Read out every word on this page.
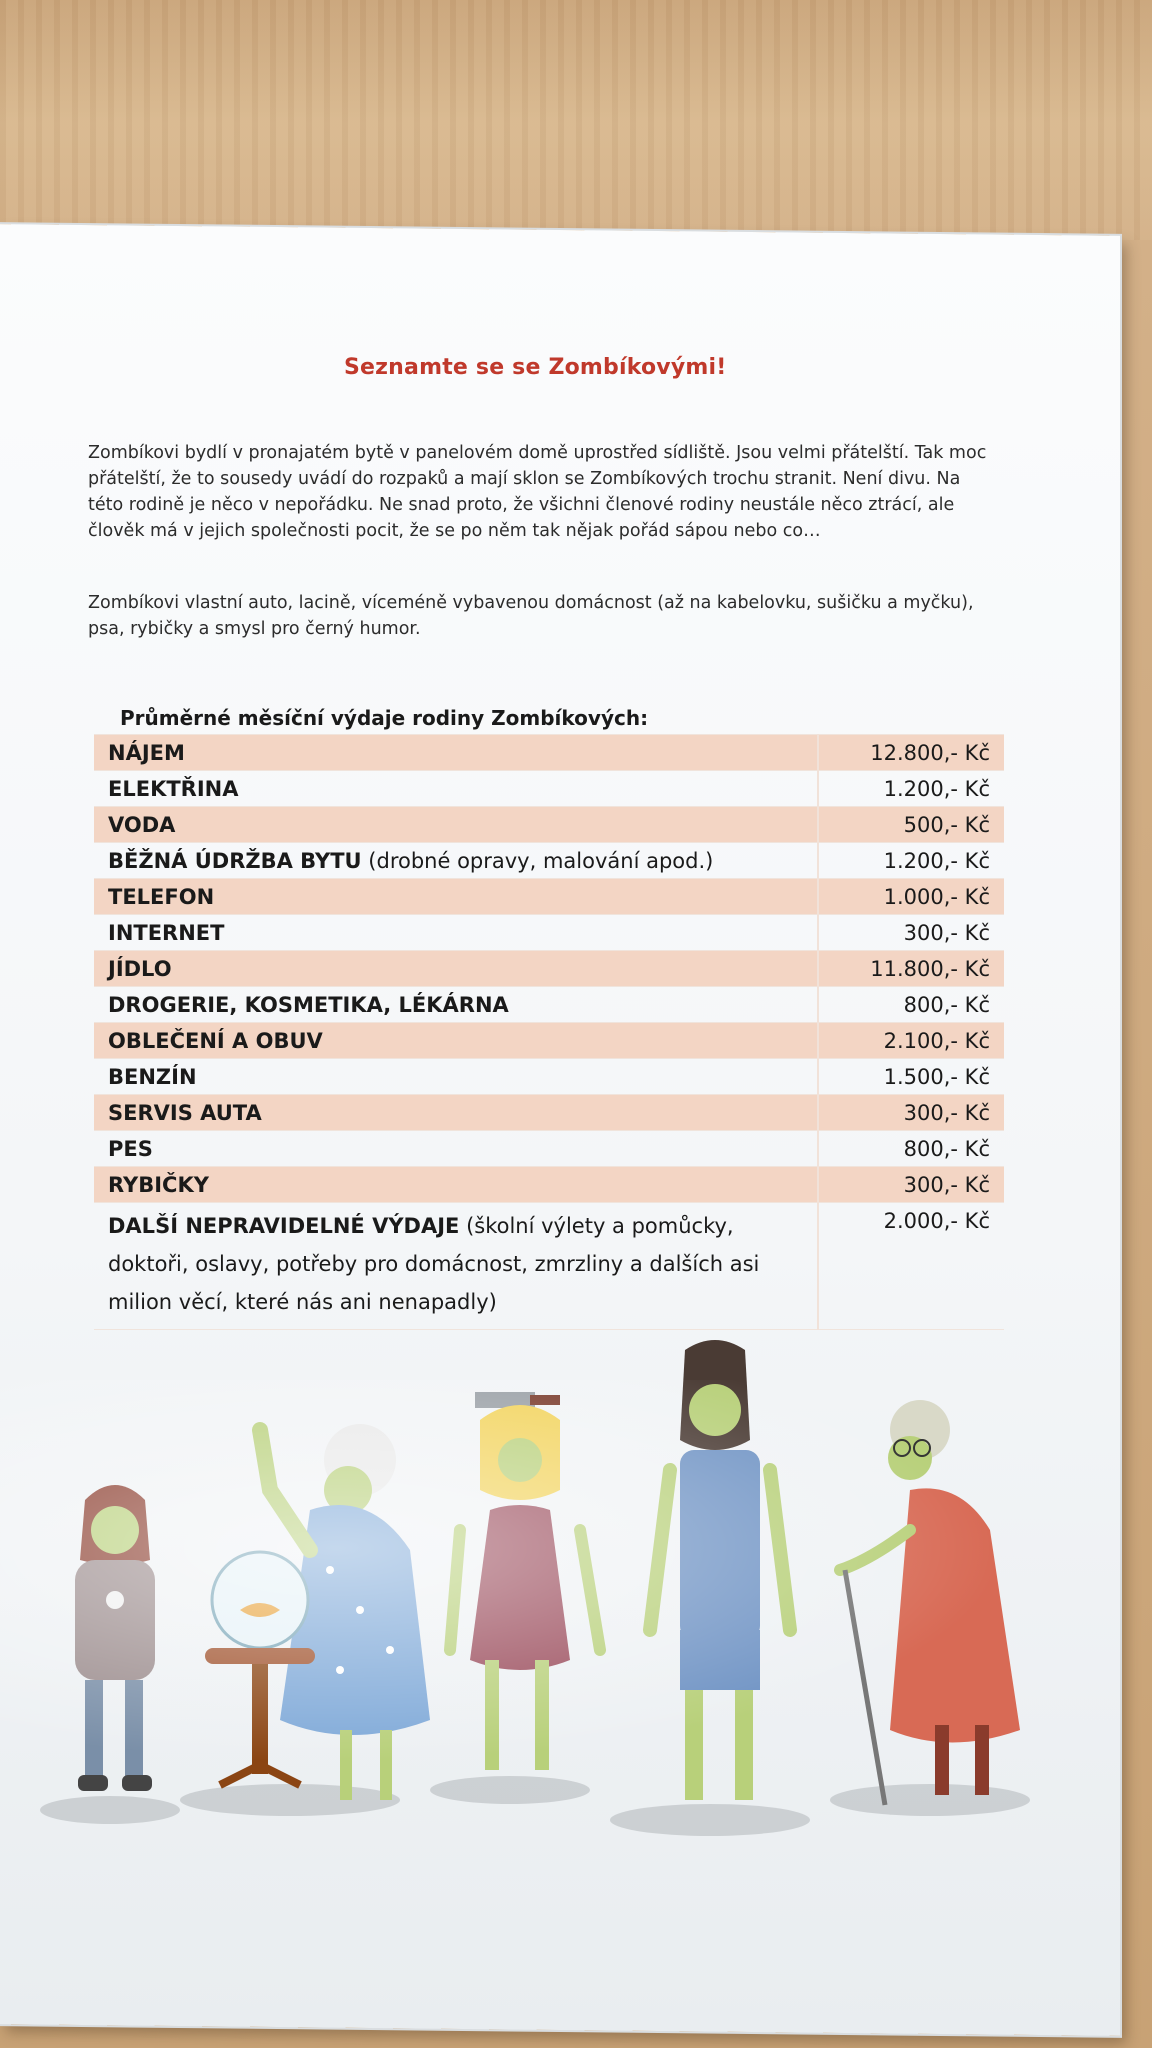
Seznamte se se Zombíkovými!
Zombíkovi bydlí v pronajatém bytě v panelovém domě uprostřed sídliště. Jsou velmi přátelští. Tak moc přátelští, že to sousedy uvádí do rozpaků a mají sklon se Zombíkových trochu stranit. Není divu. Na této rodině je něco v nepořádku. Ne snad proto, že všichni členové rodiny neustále něco ztrácí, ale člověk má v jejich společnosti pocit, že se po něm tak nějak pořád sápou nebo co…
Zombíkovi vlastní auto, lacině, víceméně vybavenou domácnost (až na kabelovku, sušičku a myčku), psa, rybičky a smysl pro černý humor.
Průměrné měsíční výdaje rodiny Zombíkových:	
NÁJEM	12.800,- Kč
ELEKTŘINA	1.200,- Kč
VODA	500,- Kč
BĚŽNÁ ÚDRŽBA BYTU (drobné opravy, malování apod.)	1.200,- Kč
TELEFON	1.000,- Kč
INTERNET	300,- Kč
JÍDLO	11.800,- Kč
DROGERIE, KOSMETIKA, LÉKÁRNA	800,- Kč
OBLEČENÍ A OBUV	2.100,- Kč
BENZÍN	1.500,- Kč
SERVIS AUTA	300,- Kč
PES	800,- Kč
RYBIČKY	300,- Kč
DALŠÍ NEPRAVIDELNÉ VÝDAJE (školní výlety a pomůcky, doktoři, oslavy, potřeby pro domácnost, zmrzliny a dalších asi milion věcí, které nás ani nenapadly)	2.000,- Kč
